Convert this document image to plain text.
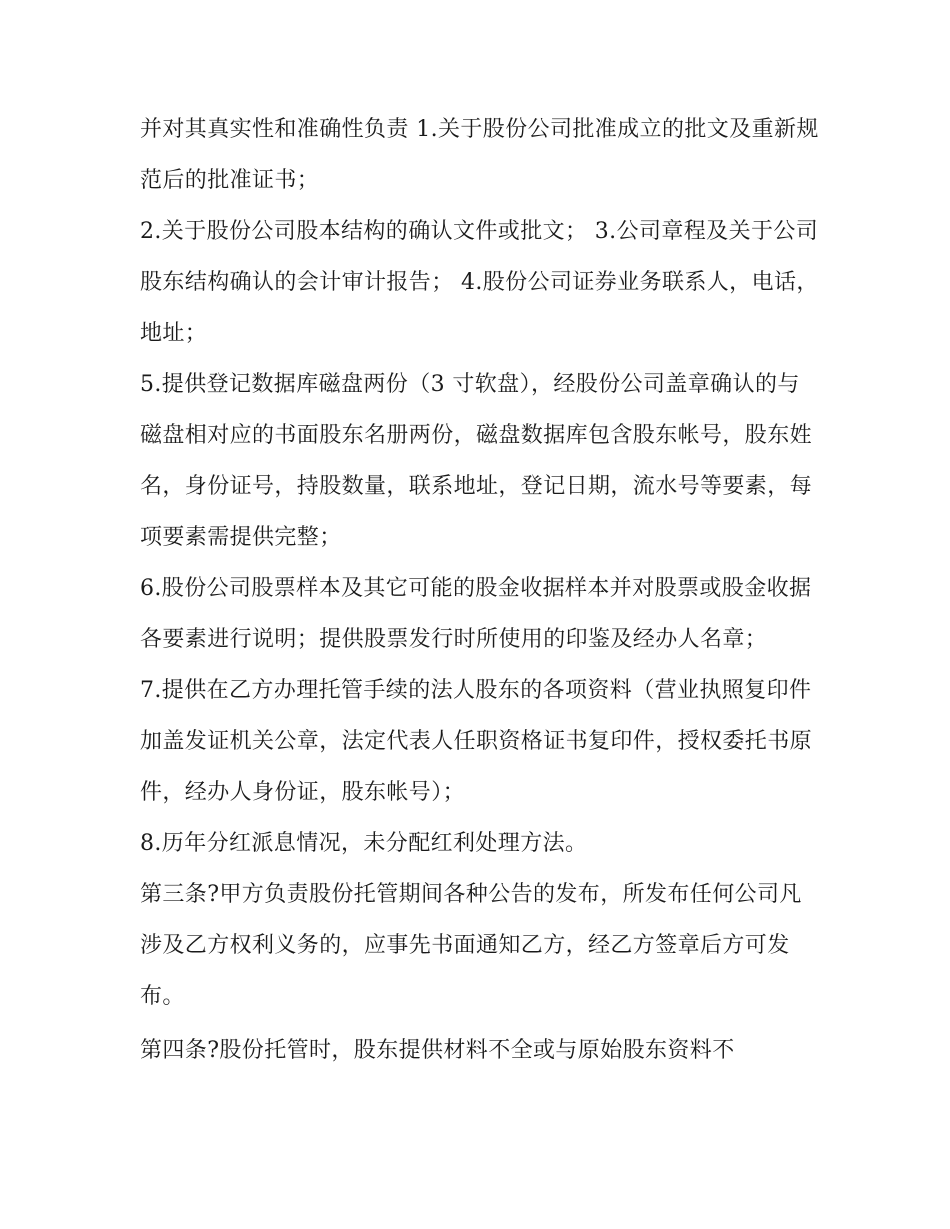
并对其真实性和准确性负责 1.关于股份公司批准成立的批文及重新规范后的批准证书；

2.关于股份公司股本结构的确认文件或批文； 3.公司章程及关于公司股东结构确认的会计审计报告； 4.股份公司证券业务联系人，电话，地址；

5.提供登记数据库磁盘两份（3 寸软盘），经股份公司盖章确认的与磁盘相对应的书面股东名册两份，磁盘数据库包含股东帐号，股东姓名，身份证号，持股数量，联系地址，登记日期，流水号等要素，每项要素需提供完整；

6.股份公司股票样本及其它可能的股金收据样本并对股票或股金收据各要素进行说明；提供股票发行时所使用的印鉴及经办人名章；

7.提供在乙方办理托管手续的法人股东的各项资料（营业执照复印件加盖发证机关公章，法定代表人任职资格证书复印件，授权委托书原件，经办人身份证，股东帐号）；

8.历年分红派息情况，未分配红利处理方法。

第三条?甲方负责股份托管期间各种公告的发布，所发布任何公司凡涉及乙方权利义务的，应事先书面通知乙方，经乙方签章后方可发布。

第四条?股份托管时，股东提供材料不全或与原始股东资料不
